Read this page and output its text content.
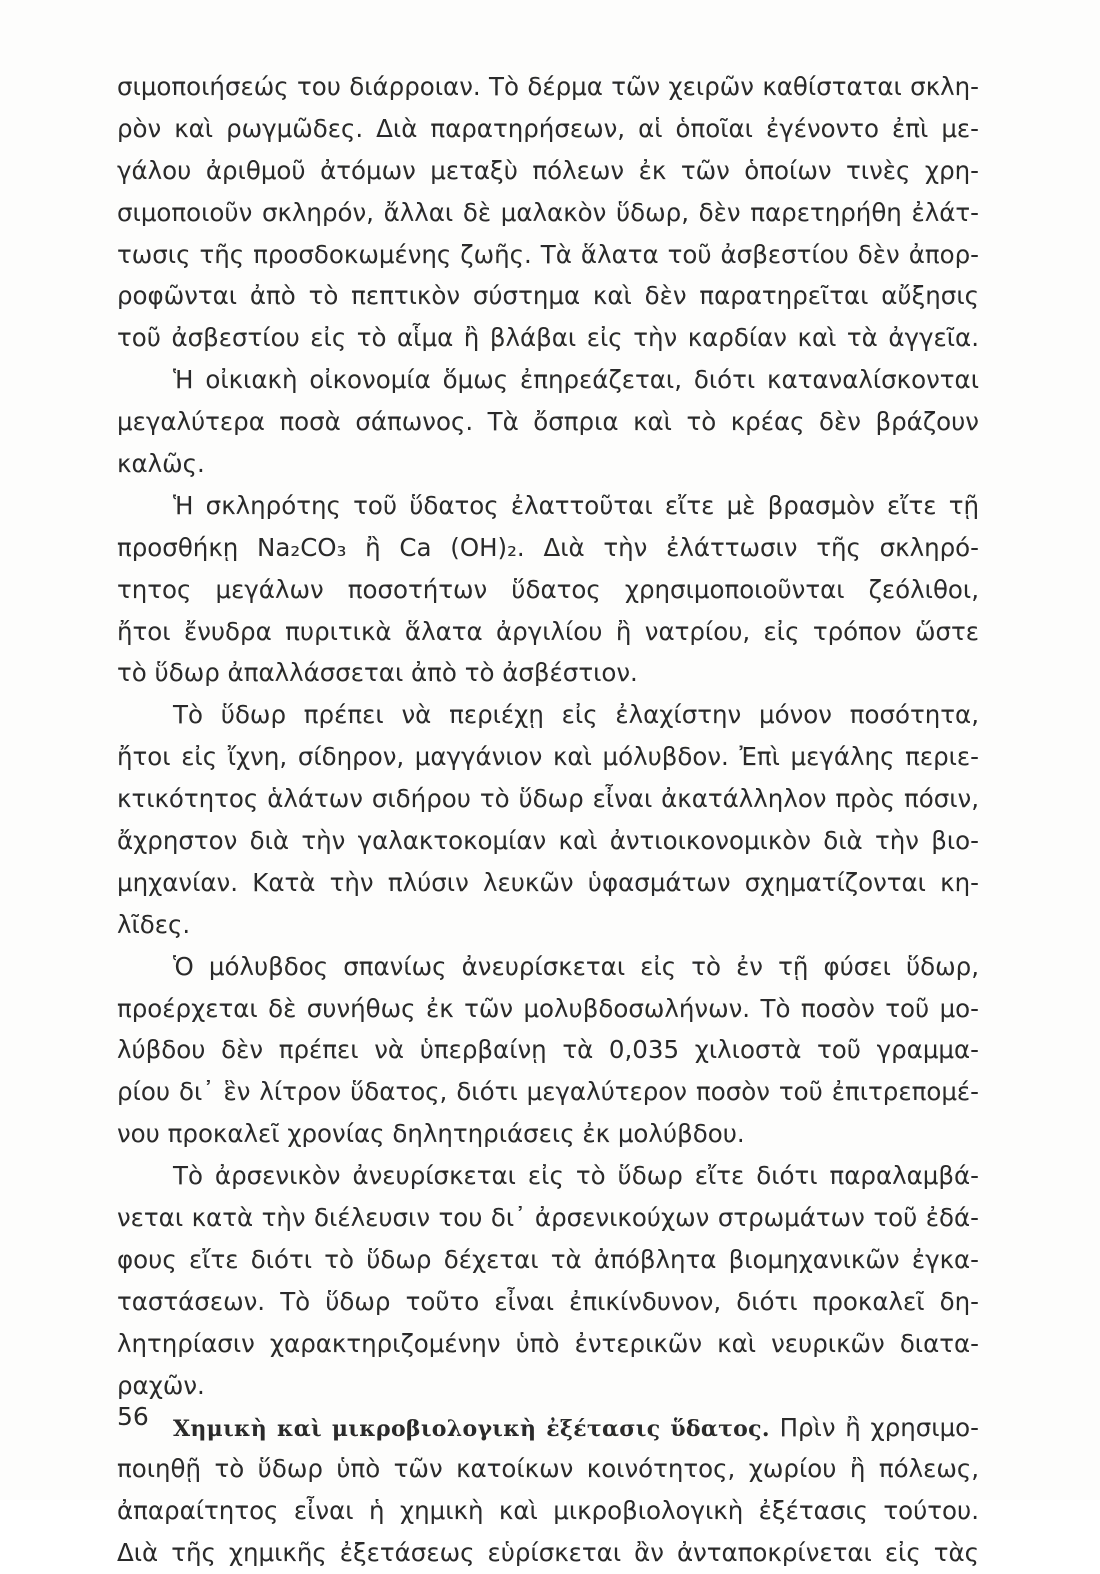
σιμοποιήσεώς του διάρροιαν. Τὸ δέρμα τῶν χειρῶν καθίσταται σκλη-
ρὸν καὶ ρωγμῶδες. Διὰ παρατηρήσεων, αἱ ὁποῖαι ἐγένοντο ἐπὶ με-
γάλου ἀριθμοῦ ἀτόμων μεταξὺ πόλεων ἐκ τῶν ὁποίων τινὲς χρη-
σιμοποιοῦν σκληρόν, ἄλλαι δὲ μαλακὸν ὕδωρ, δὲν παρετηρήθη ἐλάτ-
τωσις τῆς προσδοκωμένης ζωῆς. Τὰ ἅλατα τοῦ ἀσβεστίου δὲν ἀπορ-
ροφῶνται ἀπὸ τὸ πεπτικὸν σύστημα καὶ δὲν παρατηρεῖται αὔξησις
τοῦ ἀσβεστίου εἰς τὸ αἷμα ἢ βλάβαι εἰς τὴν καρδίαν καὶ τὰ ἀγγεῖα.
Ἡ οἰκιακὴ οἰκονομία ὅμως ἐπηρεάζεται, διότι καταναλίσκονται
μεγαλύτερα ποσὰ σάπωνος. Τὰ ὄσπρια καὶ τὸ κρέας δὲν βράζουν
καλῶς.
Ἡ σκληρότης τοῦ ὕδατος ἐλαττοῦται εἴτε μὲ βρασμὸν εἴτε τῇ
προσθήκῃ Na₂CO₃ ἢ Ca (OH)₂. Διὰ τὴν ἐλάττωσιν τῆς σκληρό-
τητος μεγάλων ποσοτήτων ὕδατος χρησιμοποιοῦνται ζεόλιθοι,
ἤτοι ἔνυδρα πυριτικὰ ἅλατα ἀργιλίου ἢ νατρίου, εἰς τρόπον ὥστε
τὸ ὕδωρ ἀπαλλάσσεται ἀπὸ τὸ ἀσβέστιον.
Τὸ ὕδωρ πρέπει νὰ περιέχῃ εἰς ἐλαχίστην μόνον ποσότητα,
ἤτοι εἰς ἴχνη, σίδηρον, μαγγάνιον καὶ μόλυβδον. Ἐπὶ μεγάλης περιε-
κτικότητος ἁλάτων σιδήρου τὸ ὕδωρ εἶναι ἀκατάλληλον πρὸς πόσιν,
ἄχρηστον διὰ τὴν γαλακτοκομίαν καὶ ἀντιοικονομικὸν διὰ τὴν βιο-
μηχανίαν. Κατὰ τὴν πλύσιν λευκῶν ὑφασμάτων σχηματίζονται κη-
λῖδες.
Ὁ μόλυβδος σπανίως ἀνευρίσκεται εἰς τὸ ἐν τῇ φύσει ὕδωρ,
προέρχεται δὲ συνήθως ἐκ τῶν μολυβδοσωλήνων. Τὸ ποσὸν τοῦ μο-
λύβδου δὲν πρέπει νὰ ὑπερβαίνῃ τὰ 0,035 χιλιοστὰ τοῦ γραμμα-
ρίου δι᾿ ἓν λίτρον ὕδατος, διότι μεγαλύτερον ποσὸν τοῦ ἐπιτρεπομέ-
νου προκαλεῖ χρονίας δηλητηριάσεις ἐκ μολύβδου.
Τὸ ἀρσενικὸν ἀνευρίσκεται εἰς τὸ ὕδωρ εἴτε διότι παραλαμβά-
νεται κατὰ τὴν διέλευσιν του δι᾿ ἀρσενικούχων στρωμάτων τοῦ ἐδά-
φους εἴτε διότι τὸ ὕδωρ δέχεται τὰ ἀπόβλητα βιομηχανικῶν ἐγκα-
ταστάσεων. Τὸ ὕδωρ τοῦτο εἶναι ἐπικίνδυνον, διότι προκαλεῖ δη-
λητηρίασιν χαρακτηριζομένην ὑπὸ ἐντερικῶν καὶ νευρικῶν διατα-
ραχῶν.
Χημικὴ καὶ μικροβιολογικὴ ἐξέτασις ὕδατος. Πρὶν ἢ χρησιμο-
ποιηθῇ τὸ ὕδωρ ὑπὸ τῶν κατοίκων κοινότητος, χωρίου ἢ πόλεως,
ἀπαραίτητος εἶναι ἡ χημικὴ καὶ μικροβιολογικὴ ἐξέτασις τούτου.
Διὰ τῆς χημικῆς ἐξετάσεως εὑρίσκεται ἂν ἀνταποκρίνεται εἰς τὰς
56
